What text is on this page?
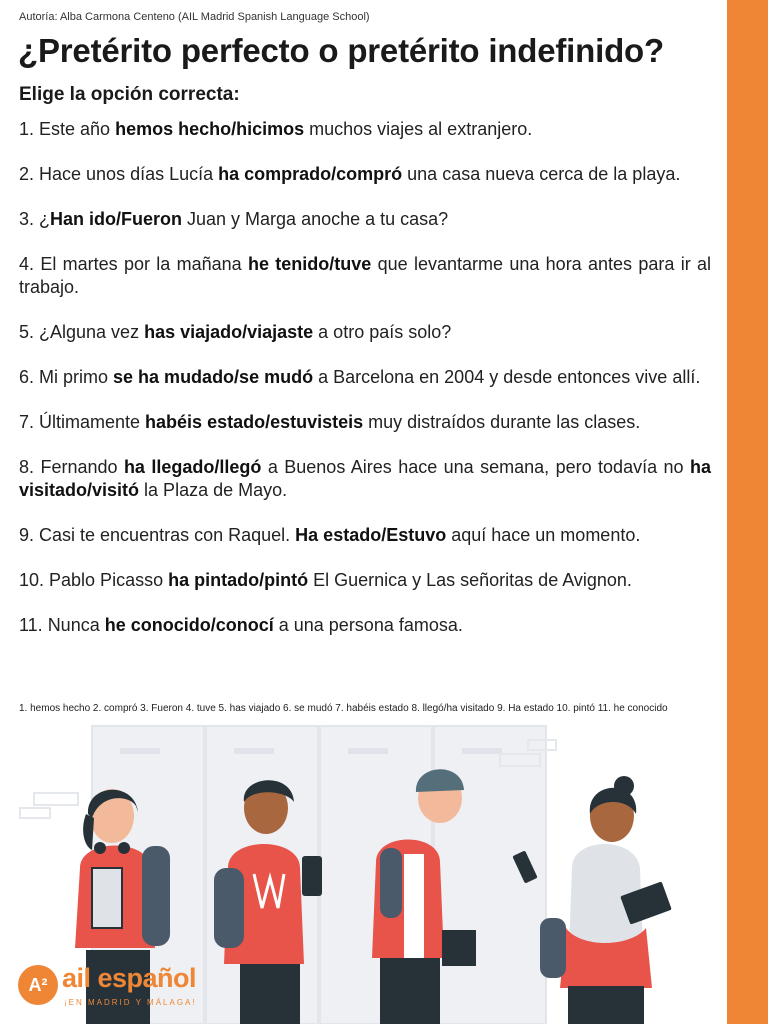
Autoría: Alba Carmona Centeno (AIL Madrid Spanish Language School)
¿Pretérito perfecto o pretérito indefinido?
Elige la opción correcta:

1. Este año hemos hecho/hicimos muchos viajes al extranjero.

2. Hace unos días Lucía ha comprado/compró una casa nueva cerca de la playa.

3. ¿Han ido/Fueron Juan y Marga anoche a tu casa?

4. El martes por la mañana he tenido/tuve que levantarme una hora antes para ir al trabajo.

5. ¿Alguna vez has viajado/viajaste a otro país solo?

6. Mi primo se ha mudado/se mudó a Barcelona en 2004 y desde entonces vive allí.

7. Últimamente habéis estado/estuvisteis muy distraídos durante las clases.

8. Fernando ha llegado/llegó a Buenos Aires hace una semana, pero todavía no ha visitado/visitó la Plaza de Mayo.

9. Casi te encuentras con Raquel. Ha estado/Estuvo aquí hace un momento.

10. Pablo Picasso ha pintado/pintó El Guernica y Las señoritas de Avignon.

11. Nunca he conocido/conocí a una persona famosa.

1. hemos hecho 2. compró 3. Fueron 4. tuve 5. has viajado 6. se mudó 7. habéis estado 8. llegó/ha visitado 9. Ha estado 10. pintó 11. he conocido
A² ail español
¡EN MADRID Y MÁLAGA!
